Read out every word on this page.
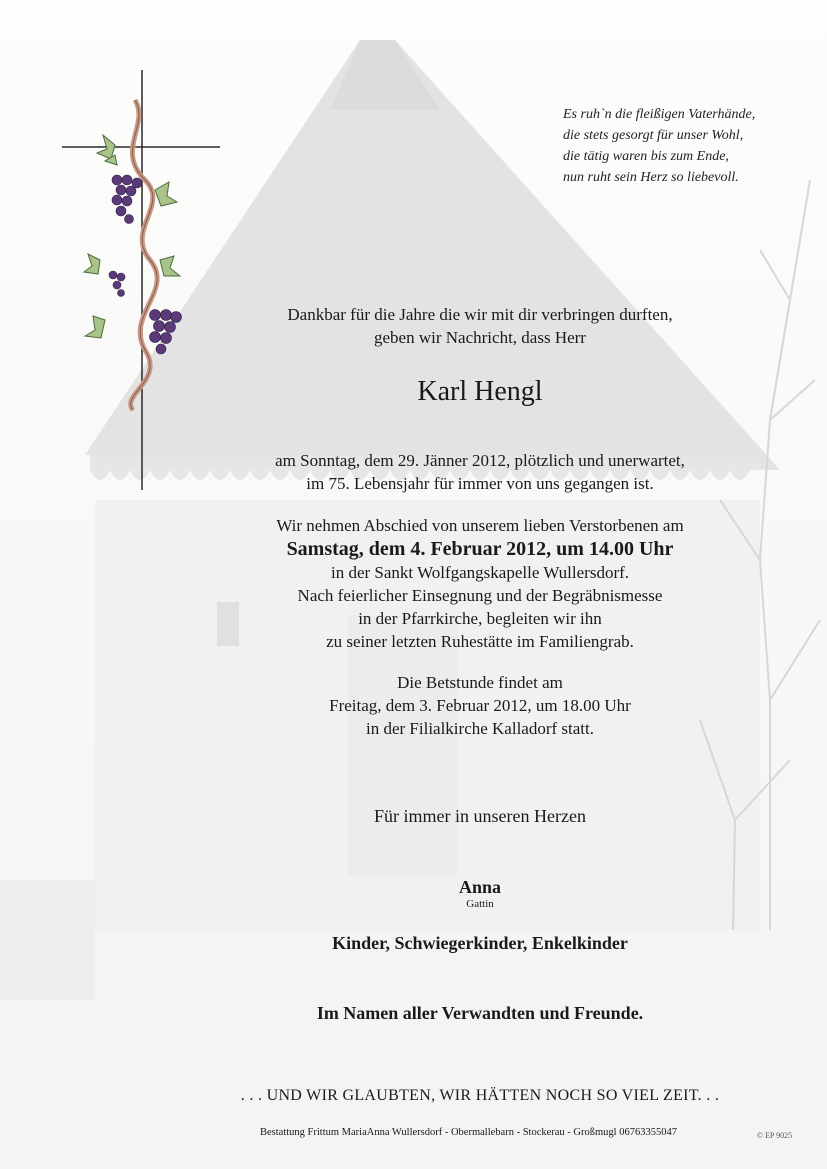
Es ruh`n die fleißigen Vaterhände,
die stets gesorgt für unser Wohl,
die tätig waren bis zum Ende,
nun ruht sein Herz so liebevoll.
Dankbar für die Jahre die wir mit dir verbringen durften,
geben wir Nachricht, dass Herr
Karl Hengl
am Sonntag, dem 29. Jänner 2012, plötzlich und unerwartet,
im 75. Lebensjahr für immer von uns gegangen ist.
Wir nehmen Abschied von unserem lieben Verstorbenen am
Samstag, dem 4. Februar 2012, um 14.00 Uhr
in der Sankt Wolfgangskapelle Wullersdorf.
Nach feierlicher Einsegnung und der Begräbnismesse
in der Pfarrkirche, begleiten wir ihn
zu seiner letzten Ruhestätte im Familiengrab.
Die Betstunde findet am
Freitag, dem 3. Februar 2012, um 18.00 Uhr
in der Filialkirche Kalladorf statt.
Für immer in unseren Herzen
Anna
Gattin
Kinder, Schwiegerkinder, Enkelkinder
Im Namen aller Verwandten und Freunde.
. . . UND WIR GLAUBTEN, WIR HÄTTEN NOCH SO VIEL ZEIT. . .
Bestattung Frittum MariaAnna Wullersdorf - Obermallebarn - Stockerau - Großmugl 06763355047	© EP 9025
